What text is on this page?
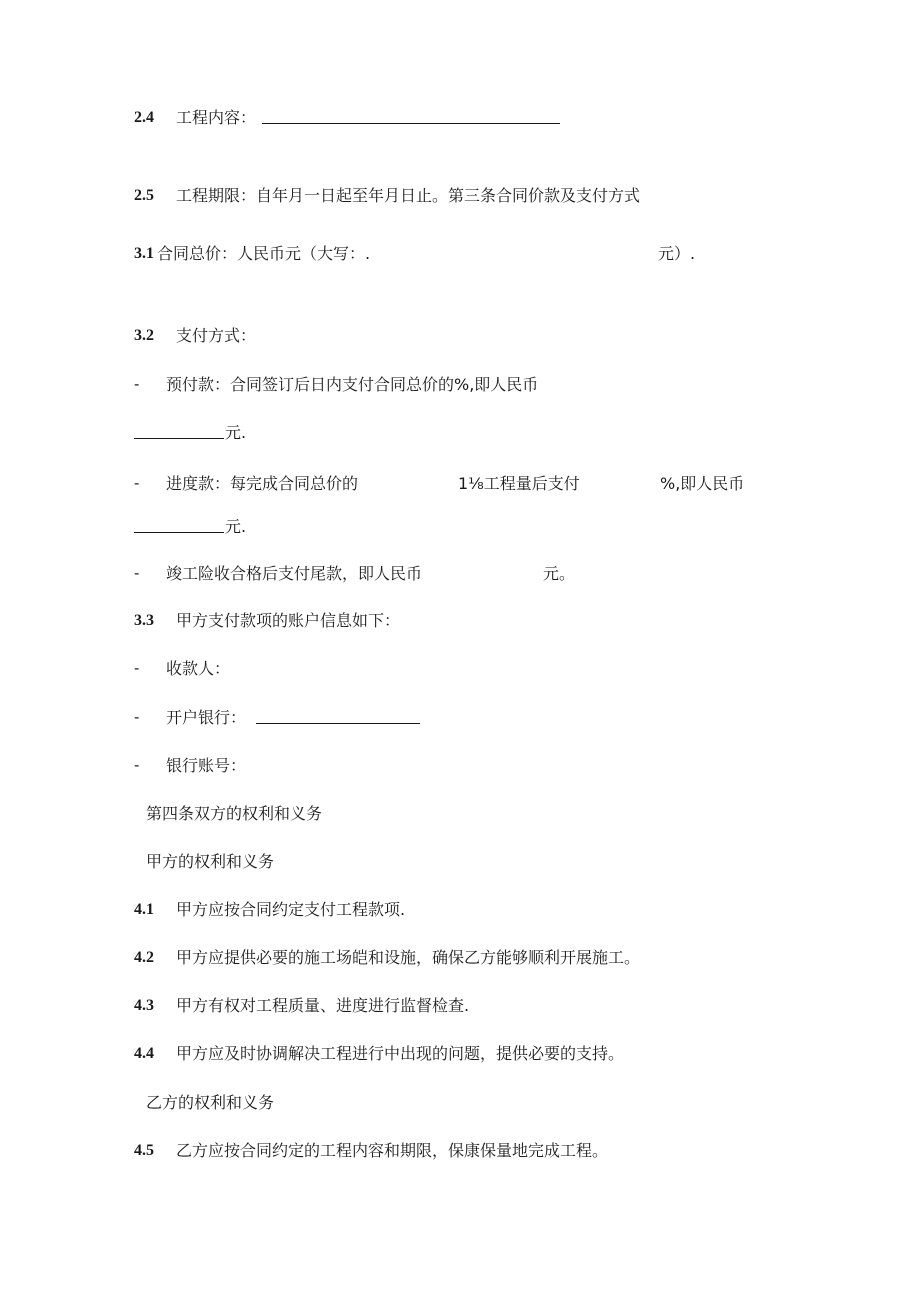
2.4 工程内容：
2.5 工程期限：自年月一日起至年月日止。第三条合同价款及支付方式
3.1 合同总价：人民币元（大写：.	元）.
3.2 支付方式：
- 预付款：合同签订后日内支付合同总价的%,即人民币
元.
- 进度款：每完成合同总价的	1⅛工程量后支付	%,即人民币
元.
- 竣工险收合格后支付尾款，即人民币	元。
3.3 甲方支付款项的账户信息如下：
- 收款人：
- 开户银行：
- 银行账号：
第四条双方的权利和义务
甲方的权利和义务
4.1 甲方应按合同约定支付工程款项.
4.2 甲方应提供必要的施工场皑和设施，确保乙方能够顺利开展施工。
4.3 甲方有权对工程质量、进度进行监督检查.
4.4 甲方应及时协调解决工程进行中出现的问题，提供必要的支持。
乙方的权利和义务
4.5 乙方应按合同约定的工程内容和期限，保康保量地完成工程。
